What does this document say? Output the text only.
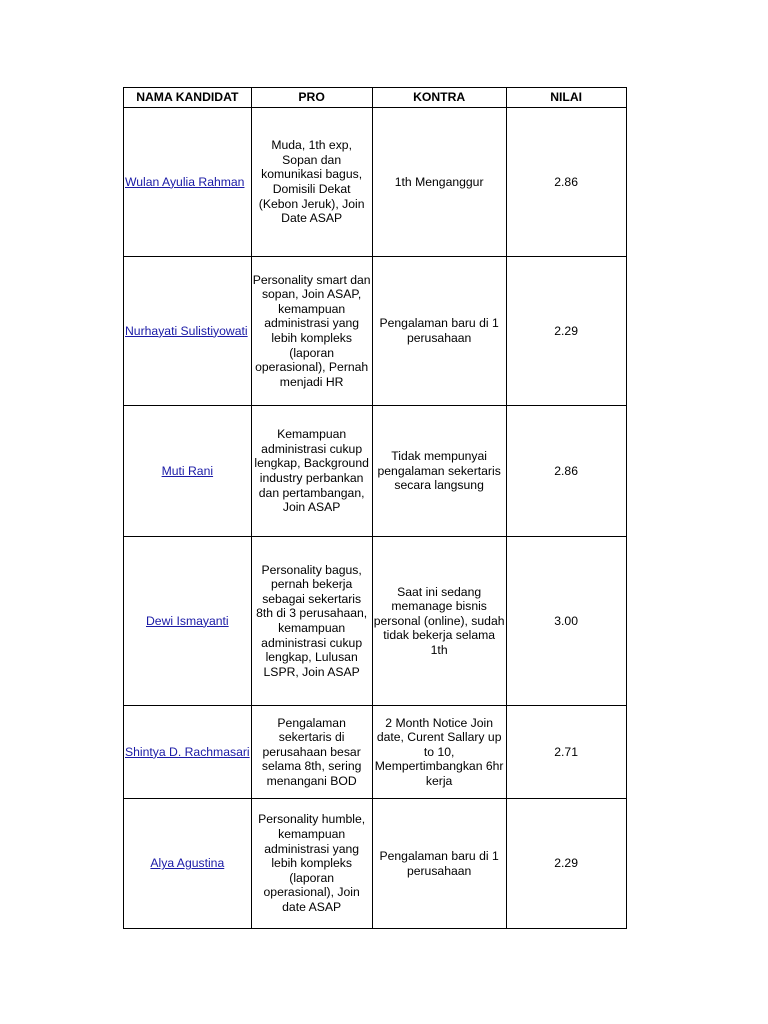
NAMA KANDIDAT	PRO	KONTRA	NILAI
Wulan Ayulia Rahman	Muda, 1th exp, Sopan dan komunikasi bagus, Domisili Dekat (Kebon Jeruk), Join Date ASAP	1th Menganggur	2.86
Nurhayati Sulistiyowati	Personality smart dan sopan, Join ASAP, kemampuan administrasi yang lebih kompleks (laporan operasional), Pernah menjadi HR	Pengalaman baru di 1 perusahaan	2.29
Muti Rani	Kemampuan administrasi cukup lengkap, Background industry perbankan dan pertambangan, Join ASAP	Tidak mempunyai pengalaman sekertaris secara langsung	2.86
Dewi Ismayanti	Personality bagus, pernah bekerja sebagai sekertaris 8th di 3 perusahaan, kemampuan administrasi cukup lengkap, Lulusan LSPR, Join ASAP	Saat ini sedang memanage bisnis personal (online), sudah tidak bekerja selama 1th	3.00
Shintya D. Rachmasari	Pengalaman sekertaris di perusahaan besar selama 8th, sering menangani BOD	2 Month Notice Join date, Curent Sallary up to 10, Mempertimbangkan 6hr kerja	2.71
Alya Agustina	Personality humble, kemampuan administrasi yang lebih kompleks (laporan operasional), Join date ASAP	Pengalaman baru di 1 perusahaan	2.29
